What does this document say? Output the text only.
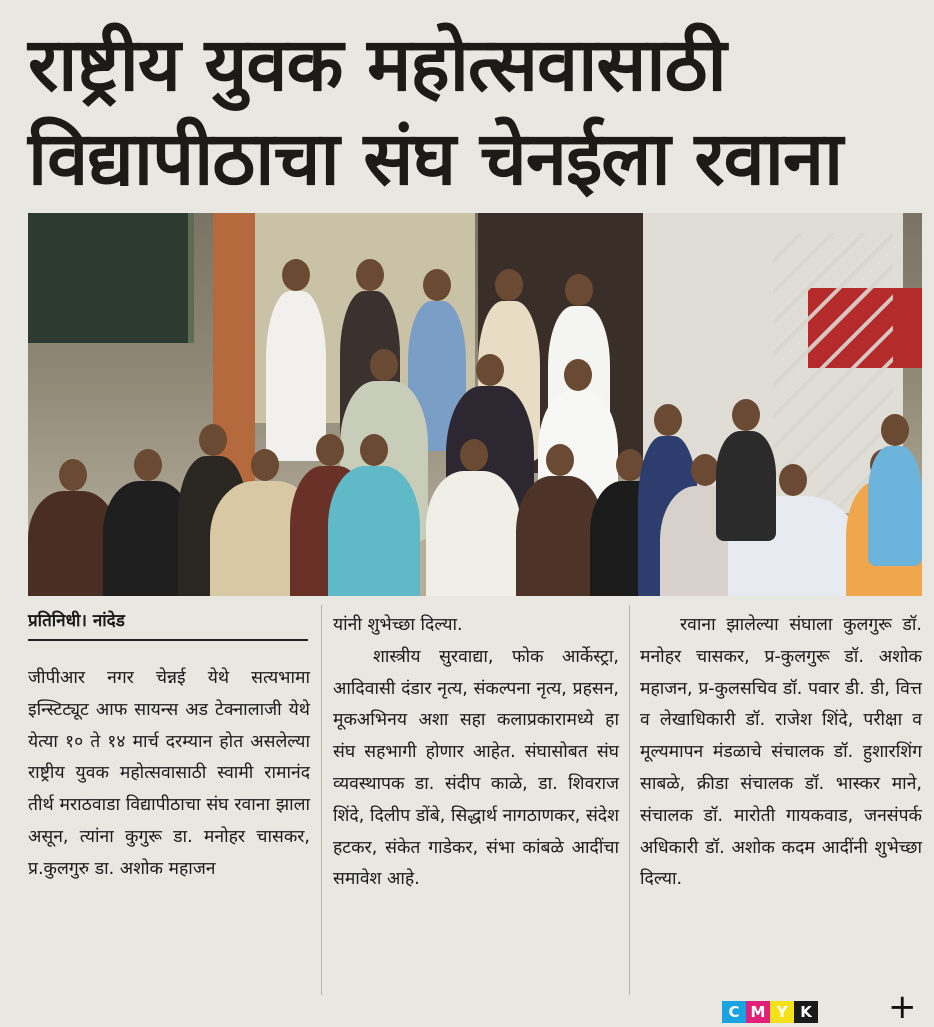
राष्ट्रीय युवक महोत्सवासाठी
विद्यापीठाचा संघ चेनईला रवाना
प्रतिनिधी। नांदेड

जीपीआर नगर चेन्नई येथे सत्यभामा इन्स्टिट्यूट आफ सायन्स अड टेक्नालाजी येथे येत्या १० ते १४ मार्च दरम्यान होत असलेल्या राष्ट्रीय युवक महोत्सवासाठी स्वामी रामानंद तीर्थ मराठवाडा विद्यापीठाचा संघ रवाना झाला असून, त्यांना कुगुरू डा. मनोहर चासकर, प्र.कुलगुरु डा. अशोक महाजन

यांनी शुभेच्छा दिल्या.

शास्त्रीय सुरवाद्या, फोक आर्केस्ट्रा, आदिवासी दंडार नृत्य, संकल्पना नृत्य, प्रहसन, मूकअभिनय अशा सहा कलाप्रकारामध्ये हा संघ सहभागी होणार आहेत. संघासोबत संघ व्यवस्थापक डा. संदीप काळे, डा. शिवराज शिंदे, दिलीप डोंबे, सिद्धार्थ नागठाणकर, संदेश हटकर, संकेत गाडेकर, संभा कांबळे आदींचा समावेश आहे.

रवाना झालेल्या संघाला कुलगुरू डॉ. मनोहर चासकर, प्र-कुलगुरू डॉ. अशोक महाजन, प्र-कुलसचिव डॉ. पवार डी. डी, वित्त व लेखाधिकारी डॉ. राजेश शिंदे, परीक्षा व मूल्यमापन मंडळाचे संचालक डॉ. हुशारशिंग साबळे, क्रीडा संचालक डॉ. भास्कर माने, संचालक डॉ. मारोती गायकवाड, जनसंपर्क अधिकारी डॉ. अशोक कदम आदींनी शुभेच्छा दिल्या.

C M Y K +
